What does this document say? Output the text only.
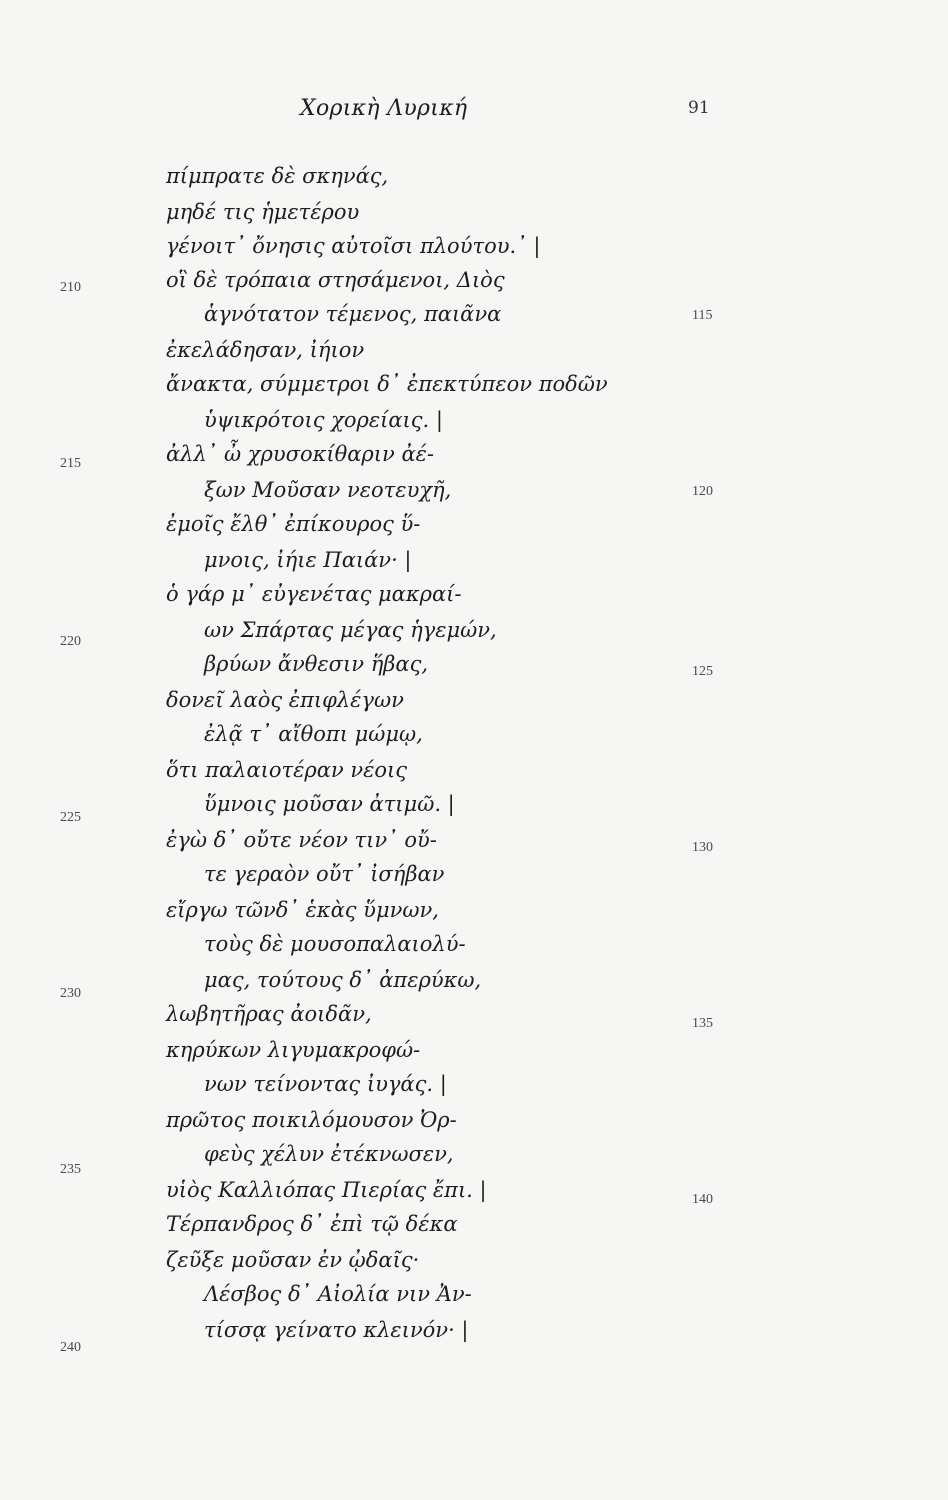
Χορικὴ Λυρική	91
πίμπρατε δὲ σκηνάς,
μηδέ τις ἡμετέρου
γένοιτ᾽ ὄνησις αὐτοῖσι πλούτου.᾽ |
οἳ δὲ τρόπαια στησάμενοι, Διὸς
ἁγνότατον τέμενος, παιᾶνα
ἐκελάδησαν, ἰήιον
ἄνακτα, σύμμετροι δ᾽ ἐπεκτύπεον ποδῶν
ὑψικρότοις χορείαις. |
ἀλλ᾽ ὦ χρυσοκίθαριν ἀέ-
ξων Μοῦσαν νεοτευχῆ,
ἐμοῖς ἔλθ᾽ ἐπίκουρος ὕ-
μνοις, ἰήιε Παιάν· |
ὁ γάρ μ᾽ εὐγενέτας μακραί-
ων Σπάρτας μέγας ἡγεμών,
βρύων ἄνθεσιν ἥβας,
δονεῖ λαὸς ἐπιφλέγων
ἐλᾷ τ᾽ αἴθοπι μώμῳ,
ὅτι παλαιοτέραν νέοις
ὕμνοις μοῦσαν ἀτιμῶ. |
ἐγὼ δ᾽ οὔτε νέον τιν᾽ οὔ-
τε γεραὸν οὔτ᾽ ἰσήβαν
εἴργω τῶνδ᾽ ἑκὰς ὕμνων,
τοὺς δὲ μουσοπαλαιολύ-
μας, τούτους δ᾽ ἀπερύκω,
λωβητῆρας ἀοιδᾶν,
κηρύκων λιγυμακροφώ-
νων τείνοντας ἰυγάς. |
πρῶτος ποικιλόμουσον Ὀρ-
φεὺς χέλυν ἐτέκνωσεν,
υἱὸς Καλλιόπας Πιερίας ἔπι. |
Τέρπανδρος δ᾽ ἐπὶ τῷ δέκα
ζεῦξε μοῦσαν ἐν ᾠδαῖς·
Λέσβος δ᾽ Αἰολία νιν Ἀν-
τίσσᾳ γείνατο κλεινόν· |
210
215
220
225
230
235
240
115
120
125
130
135
140
